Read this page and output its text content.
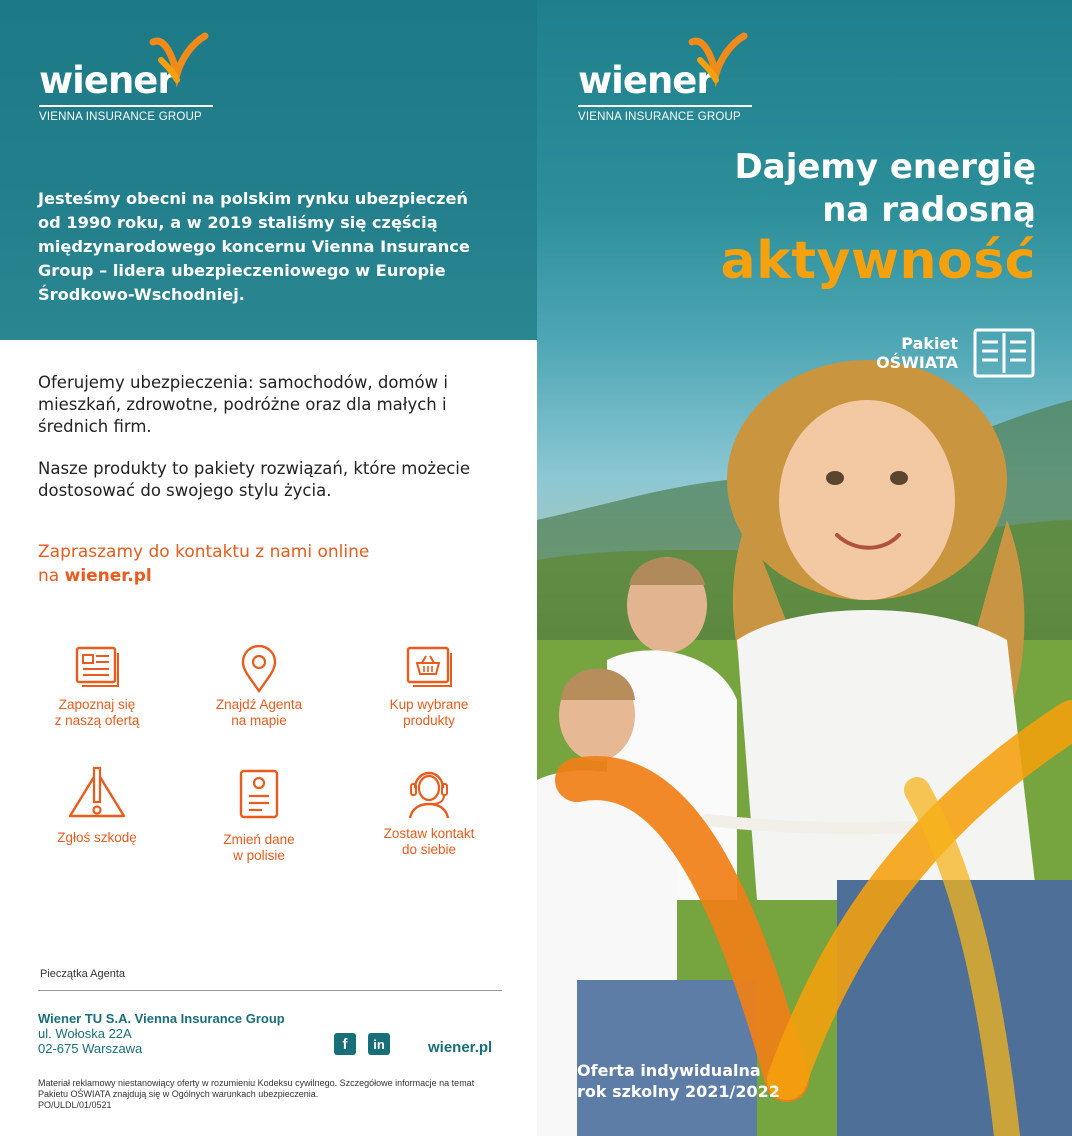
wiener
VIENNA INSURANCE GROUP
Jesteśmy obecni na polskim rynku ubezpieczeń od 1990 roku, a w 2019 staliśmy się częścią międzynarodowego koncernu Vienna Insurance Group – lidera ubezpieczeniowego w Europie Środkowo-Wschodniej.
Oferujemy ubezpieczenia: samochodów, domów i mieszkań, zdrowotne, podróżne oraz dla małych i średnich firm.
Nasze produkty to pakiety rozwiązań, które możecie dostosować do swojego stylu życia.
Zapraszamy do kontaktu z nami online
na wiener.pl
Zapoznaj się
z naszą ofertą
Znajdź Agenta
na mapie
Kup wybrane
produkty
Zgłoś szkodę	Zmień dane
w polisie
Zostaw kontakt
do siebie
Pieczątka Agenta
Wiener TU S.A. Vienna Insurance Group
ul. Wołoska 22A
02-675 Warszawa	f	in	wiener.pl
Materiał reklamowy niestanowiący oferty w rozumieniu Kodeksu cywilnego. Szczegółowe informacje na temat
Pakietu OŚWIATA znajdują się w Ogólnych warunkach ubezpieczenia.
PO/ULDL/01/0521
wiener
VIENNA INSURANCE GROUP
Dajemy energię
na radosną
aktywność
Pakiet
OŚWIATA
Oferta indywidualna
rok szkolny 2021/2022
